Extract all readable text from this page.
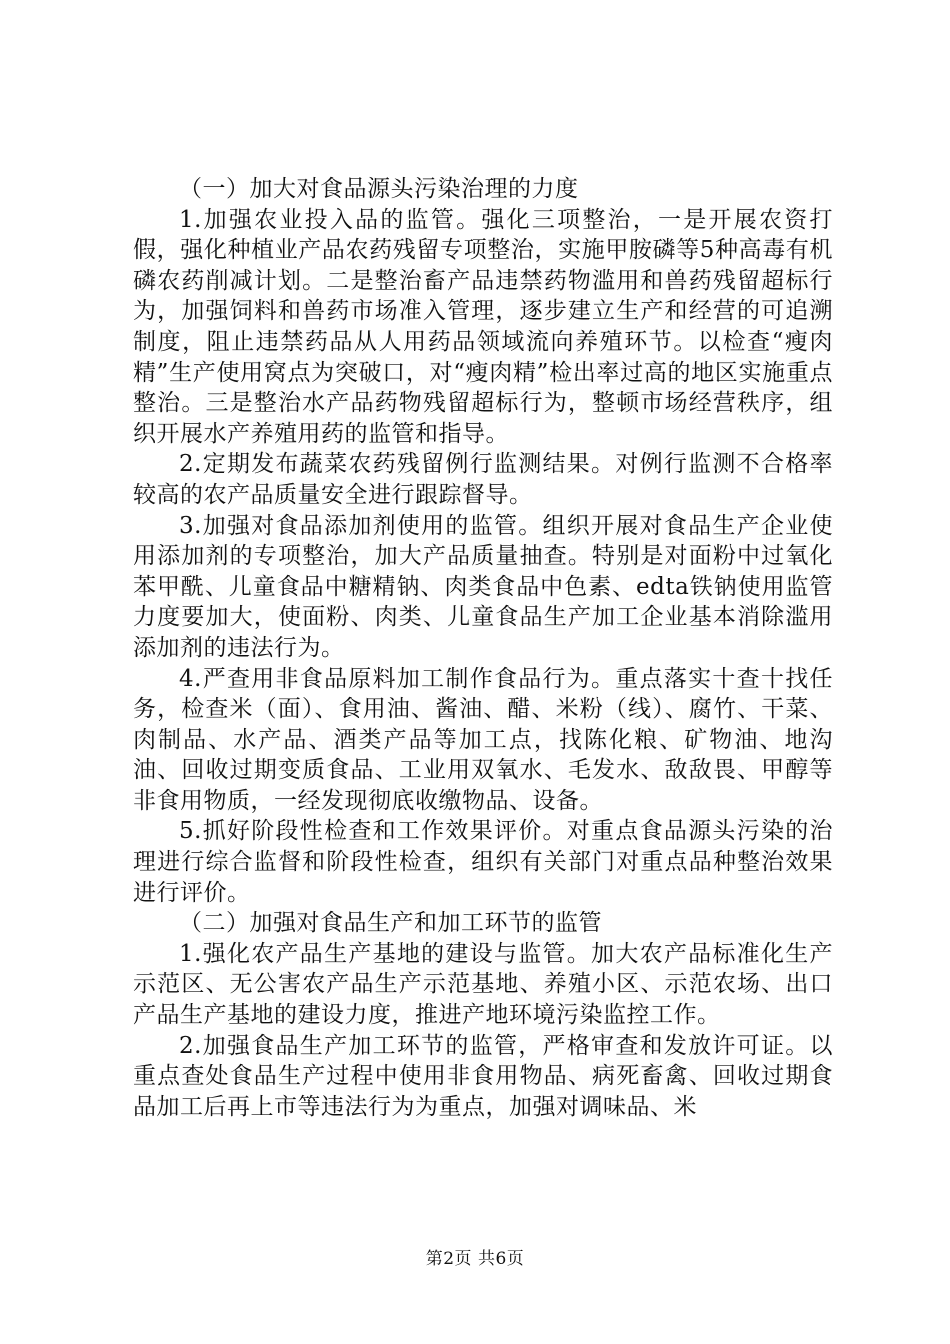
（一）加大对食品源头污染治理的力度

1.加强农业投入品的监管。强化三项整治，一是开展农资打假，强化种植业产品农药残留专项整治，实施甲胺磷等5种高毒有机磷农药削减计划。二是整治畜产品违禁药物滥用和兽药残留超标行为，加强饲料和兽药市场准入管理，逐步建立生产和经营的可追溯制度，阻止违禁药品从人用药品领域流向养殖环节。以检查“瘦肉精”生产使用窝点为突破口，对“瘦肉精”检出率过高的地区实施重点整治。三是整治水产品药物残留超标行为，整顿市场经营秩序，组织开展水产养殖用药的监管和指导。

2.定期发布蔬菜农药残留例行监测结果。对例行监测不合格率较高的农产品质量安全进行跟踪督导。

3.加强对食品添加剂使用的监管。组织开展对食品生产企业使用添加剂的专项整治，加大产品质量抽查。特别是对面粉中过氧化苯甲酰、儿童食品中糖精钠、肉类食品中色素、edta铁钠使用监管力度要加大，使面粉、肉类、儿童食品生产加工企业基本消除滥用添加剂的违法行为。

4.严查用非食品原料加工制作食品行为。重点落实十查十找任务，检查米（面）、食用油、酱油、醋、米粉（线）、腐竹、干菜、肉制品、水产品、酒类产品等加工点，找陈化粮、矿物油、地沟油、回收过期变质食品、工业用双氧水、毛发水、敌敌畏、甲醇等非食用物质，一经发现彻底收缴物品、设备。

5.抓好阶段性检查和工作效果评价。对重点食品源头污染的治理进行综合监督和阶段性检查，组织有关部门对重点品种整治效果进行评价。

（二）加强对食品生产和加工环节的监管

1.强化农产品生产基地的建设与监管。加大农产品标准化生产示范区、无公害农产品生产示范基地、养殖小区、示范农场、出口产品生产基地的建设力度，推进产地环境污染监控工作。

2.加强食品生产加工环节的监管，严格审查和发放许可证。以重点查处食品生产过程中使用非食用物品、病死畜禽、回收过期食品加工后再上市等违法行为为重点，加强对调味品、米

第2页 共6页
